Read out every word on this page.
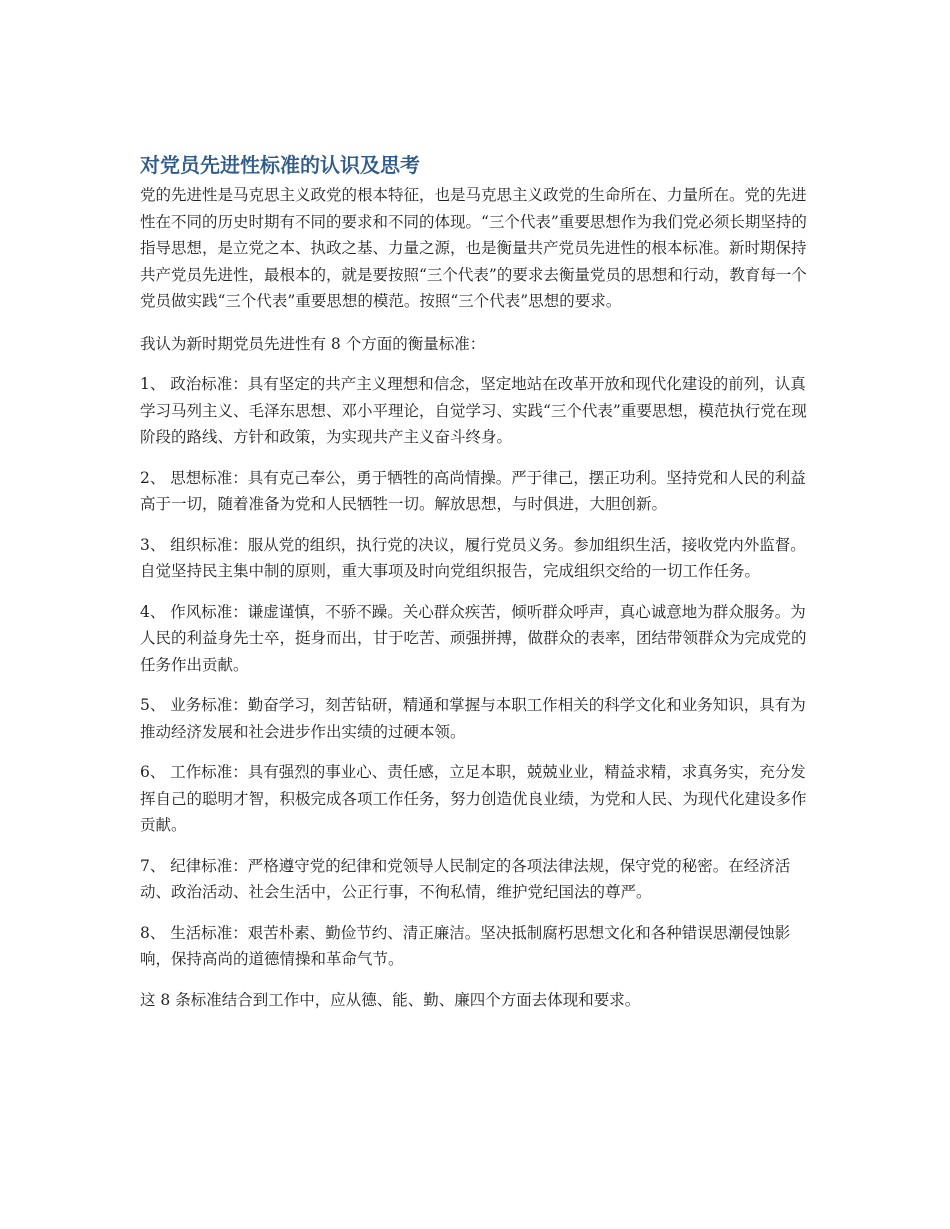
对党员先进性标准的认识及思考

党的先进性是马克思主义政党的根本特征，也是马克思主义政党的生命所在、力量所在。党的先进性在不同的历史时期有不同的要求和不同的体现。“三个代表”重要思想作为我们党必须长期坚持的指导思想，是立党之本、执政之基、力量之源，也是衡量共产党员先进性的根本标准。新时期保持共产党员先进性，最根本的，就是要按照“三个代表”的要求去衡量党员的思想和行动，教育每一个党员做实践“三个代表”重要思想的模范。按照“三个代表”思想的要求。

我认为新时期党员先进性有 8 个方面的衡量标准：

1、 政治标准：具有坚定的共产主义理想和信念，坚定地站在改革开放和现代化建设的前列，认真学习马列主义、毛泽东思想、邓小平理论，自觉学习、实践“三个代表”重要思想，模范执行党在现阶段的路线、方针和政策，为实现共产主义奋斗终身。

2、 思想标准：具有克己奉公，勇于牺牲的高尚情操。严于律己，摆正功利。坚持党和人民的利益高于一切，随着准备为党和人民牺牲一切。解放思想，与时俱进，大胆创新。

3、 组织标准：服从党的组织，执行党的决议，履行党员义务。参加组织生活，接收党内外监督。自觉坚持民主集中制的原则，重大事项及时向党组织报告，完成组织交给的一切工作任务。

4、 作风标准：谦虚谨慎，不骄不躁。关心群众疾苦，倾听群众呼声，真心诚意地为群众服务。为人民的利益身先士卒，挺身而出，甘于吃苦、顽强拼搏，做群众的表率，团结带领群众为完成党的任务作出贡献。

5、 业务标准：勤奋学习，刻苦钻研，精通和掌握与本职工作相关的科学文化和业务知识，具有为推动经济发展和社会进步作出实绩的过硬本领。

6、 工作标准：具有强烈的事业心、责任感，立足本职，兢兢业业，精益求精，求真务实，充分发挥自己的聪明才智，积极完成各项工作任务，努力创造优良业绩，为党和人民、为现代化建设多作贡献。

7、 纪律标准：严格遵守党的纪律和党领导人民制定的各项法律法规，保守党的秘密。在经济活动、政治活动、社会生活中，公正行事，不徇私情，维护党纪国法的尊严。

8、 生活标准：艰苦朴素、勤俭节约、清正廉洁。坚决抵制腐朽思想文化和各种错误思潮侵蚀影响，保持高尚的道德情操和革命气节。

这 8 条标准结合到工作中，应从德、能、勤、廉四个方面去体现和要求。
